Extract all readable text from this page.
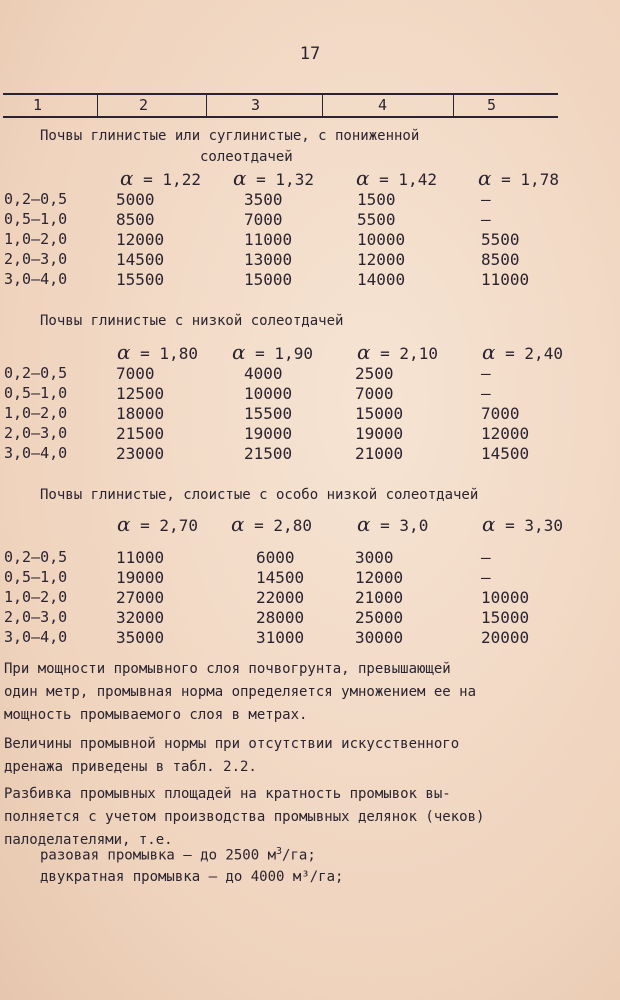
17
1	2	3	4	5
Почвы глинистые или суглинистые, с пониженной
солеотдачей
α = 1,22 α = 1,32 α = 1,42 α = 1,78
0,2–0,5	5000	3500	1500	–
0,5–1,0	8500	7000	5500	–
1,0–2,0	12000	11000	10000	5500
2,0–3,0	14500	13000	12000	8500
3,0–4,0	15500	15000	14000	11000
α = 1,80 α = 1,90 α = 2,10 α = 2,40
0,2–0,5	7000	4000	2500	–
0,5–1,0	12500	10000	7000	–
1,0–2,0	18000	15500	15000	7000
2,0–3,0	21500	19000	19000	12000
3,0–4,0	23000	21500	21000	14500
α = 2,70 α = 2,80 α = 3,0	α = 3,30
0,2–0,5	11000	6000	3000	–
0,5–1,0	19000	14500	12000	–
1,0–2,0	27000	22000	21000	10000
2,0–3,0	32000	28000	25000	15000
3,0–4,0	35000	31000	30000	20000
Почвы глинистые с низкой солеотдачей
Почвы глинистые, слоистые с особо низкой солеотдачей
При мощности промывного слоя почвогрунта, превышающей
один метр, промывная норма определяется умножением ее на
мощность промываемого слоя в метрах.
Величины промывной нормы при отсутствии искусственного
дренажа приведены в табл. 2.2.
Разбивка промывных площадей на кратность промывок вы-
полняется с учетом производства промывных делянок (чеков)
палоделателями, т.е.
разовая промывка – до 2500 $м^3/га$;
двукратная промывка – до 4000 м³/га;
